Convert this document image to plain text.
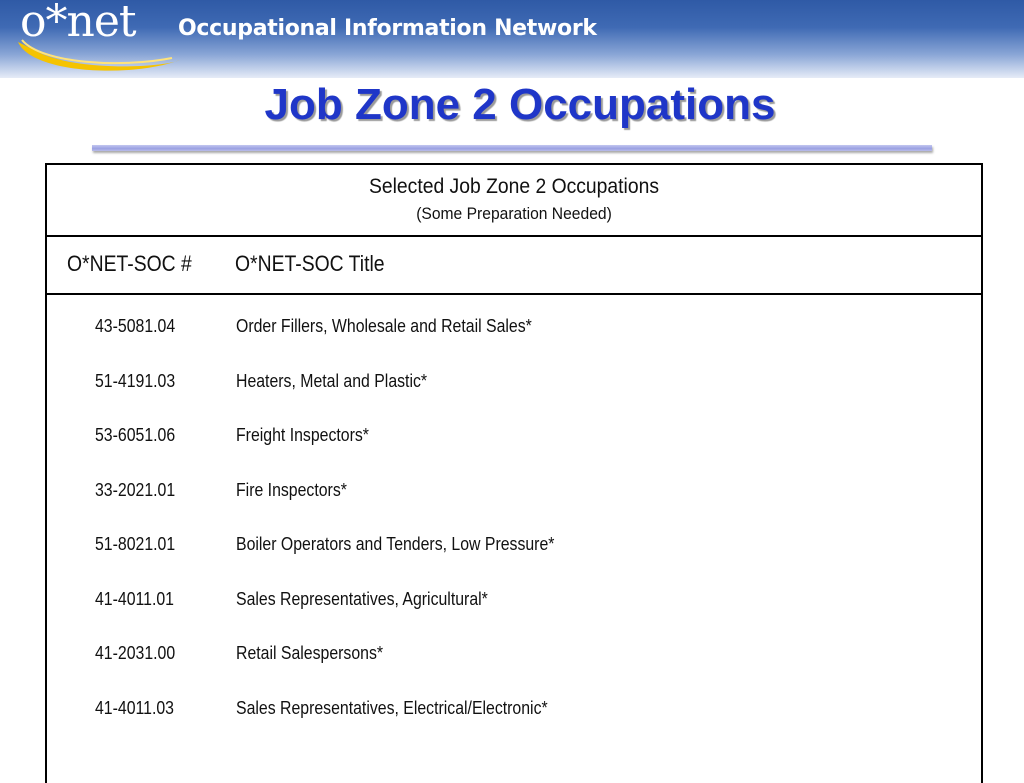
o*net Occupational Information Network
Job Zone 2 Occupations
Selected Job Zone 2 Occupations
(Some Preparation Needed)
O*NET-SOC # O*NET-SOC Title
43-5081.04	Order Fillers, Wholesale and Retail Sales*
51-4191.03	Heaters, Metal and Plastic*
53-6051.06	Freight Inspectors*
33-2021.01	Fire Inspectors*
51-8021.01	Boiler Operators and Tenders, Low Pressure*
41-4011.01	Sales Representatives, Agricultural*
41-2031.00	Retail Salespersons*
41-4011.03	Sales Representatives, Electrical/Electronic*
